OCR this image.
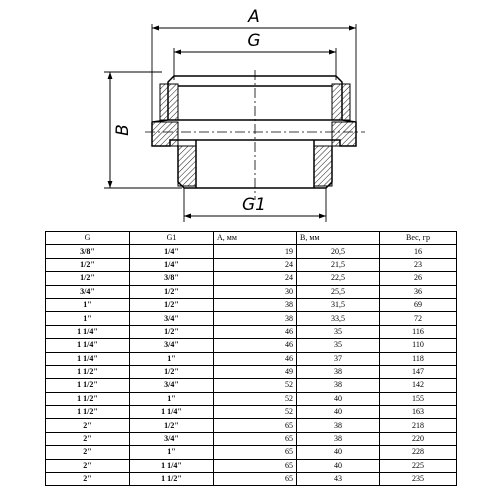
A
G
G1
B
G	G1	A, мм	B, мм	Вес, гр
3/8"	1/4"	19	20,5	16
1/2"	1/4"	24	21,5	23
1/2"	3/8"	24	22,5	26
3/4"	1/2"	30	25,5	36
1"	1/2"	38	31,5	69
1"	3/4"	38	33,5	72
1 1/4"	1/2"	46	35	116
1 1/4"	3/4"	46	35	110
1 1/4"	1"	46	37	118
1 1/2"	1/2"	49	38	147
1 1/2"	3/4"	52	38	142
1 1/2"	1"	52	40	155
1 1/2"	1 1/4"	52	40	163
2"	1/2"	65	38	218
2"	3/4"	65	38	220
2"	1"	65	40	228
2"	1 1/4"	65	40	225
2"	1 1/2"	65	43	235
